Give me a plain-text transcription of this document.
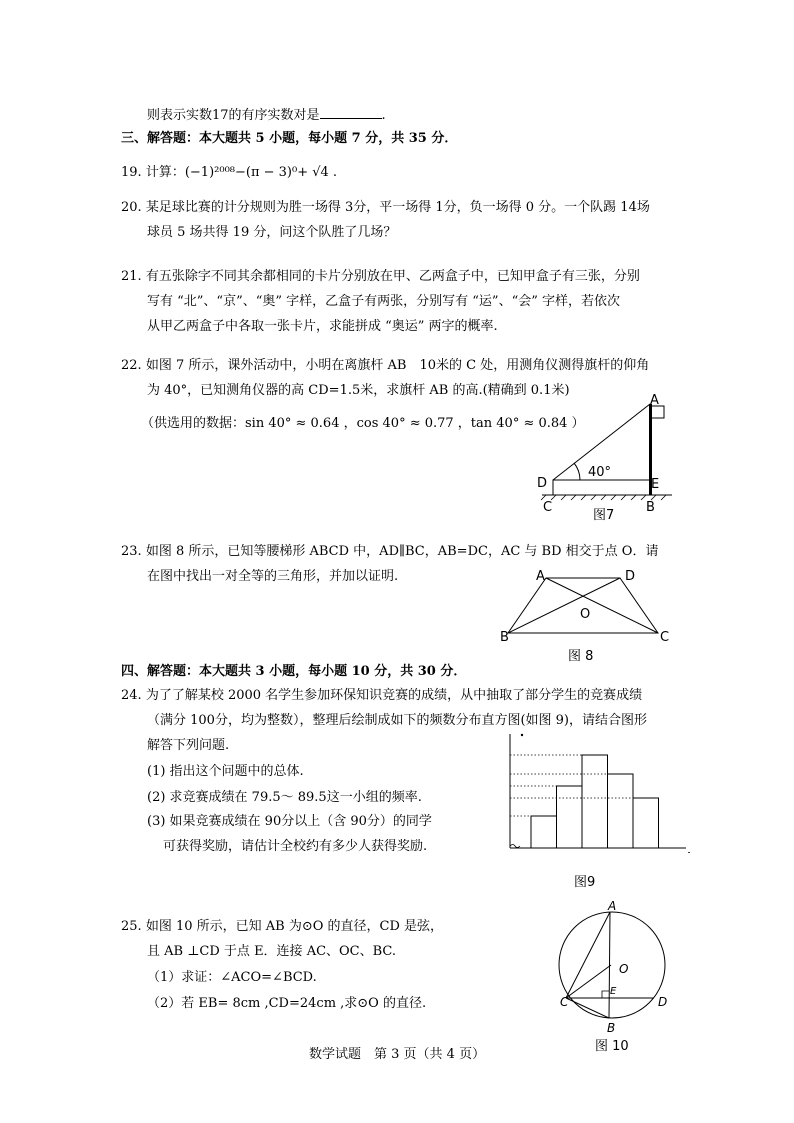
则表示实数17的有序实数对是	.
三、解答题：本大题共 5 小题，每小题 7 分，共 35 分．
19. 计算：(−1)²⁰⁰⁸−(π − 3)⁰+ √4 .
20. 某足球比赛的计分规则为胜一场得 3分，平一场得 1分，负一场得 0 分。一个队踢 14场
球员 5 场共得 19 分，问这个队胜了几场？
21. 有五张除字不同其余都相同的卡片分别放在甲、乙两盒子中，已知甲盒子有三张，分别
写有 “北”、“京”、“奥” 字样，乙盒子有两张，分别写有 “运”、“会” 字样，若依次
从甲乙两盒子中各取一张卡片，求能拼成 “奥运” 两字的概率.
22. 如图 7 所示，课外活动中，小明在离旗杆 AB　10米的 C 处，用测角仪测得旗杆的仰角
为 40°，已知测角仪器的高 CD=1.5米，求旗杆 AB 的高.(精确到 0.1米)
（供选用的数据：sin 40° ≈ 0.64 ，cos 40° ≈ 0.77 ，tan 40° ≈ 0.84 ）
A
D	E
C	B
40°
图7
23. 如图 8 所示，已知等腰梯形 ABCD 中，AD∥BC，AB=DC，AC 与 BD 相交于点 O．请
在图中找出一对全等的三角形，并加以证明.	A	D
B	C
O
图 8
四、解答题：本大题共 3 小题，每小题 10 分，共 30 分．
24. 为了了解某校 2000 名学生参加环保知识竞赛的成绩，从中抽取了部分学生的竞赛成绩
（满分 100分，均为整数），整理后绘制成如下的频数分布直方图(如图 9)，请结合图形
解答下列问题.
(1) 指出这个问题中的总体.
(2) 求竞赛成绩在 79.5～ 89.5这一小组的频率.
(3) 如果竞赛成绩在 90分以上（含 90分）的同学
可获得奖励，请估计全校约有多少人获得奖励.
图9
25. 如图 10 所示，已知 AB 为⊙O 的直径，CD 是弦，
且 AB ⊥CD 于点 E．连接 AC、OC、BC.
（1）求证：∠ACO=∠BCD.
（2）若 EB= 8cm ,CD=24cm ,求⊙O 的直径.
A
O
E
C	D
B
图 10
数学试题　第 3 页（共 4 页）
